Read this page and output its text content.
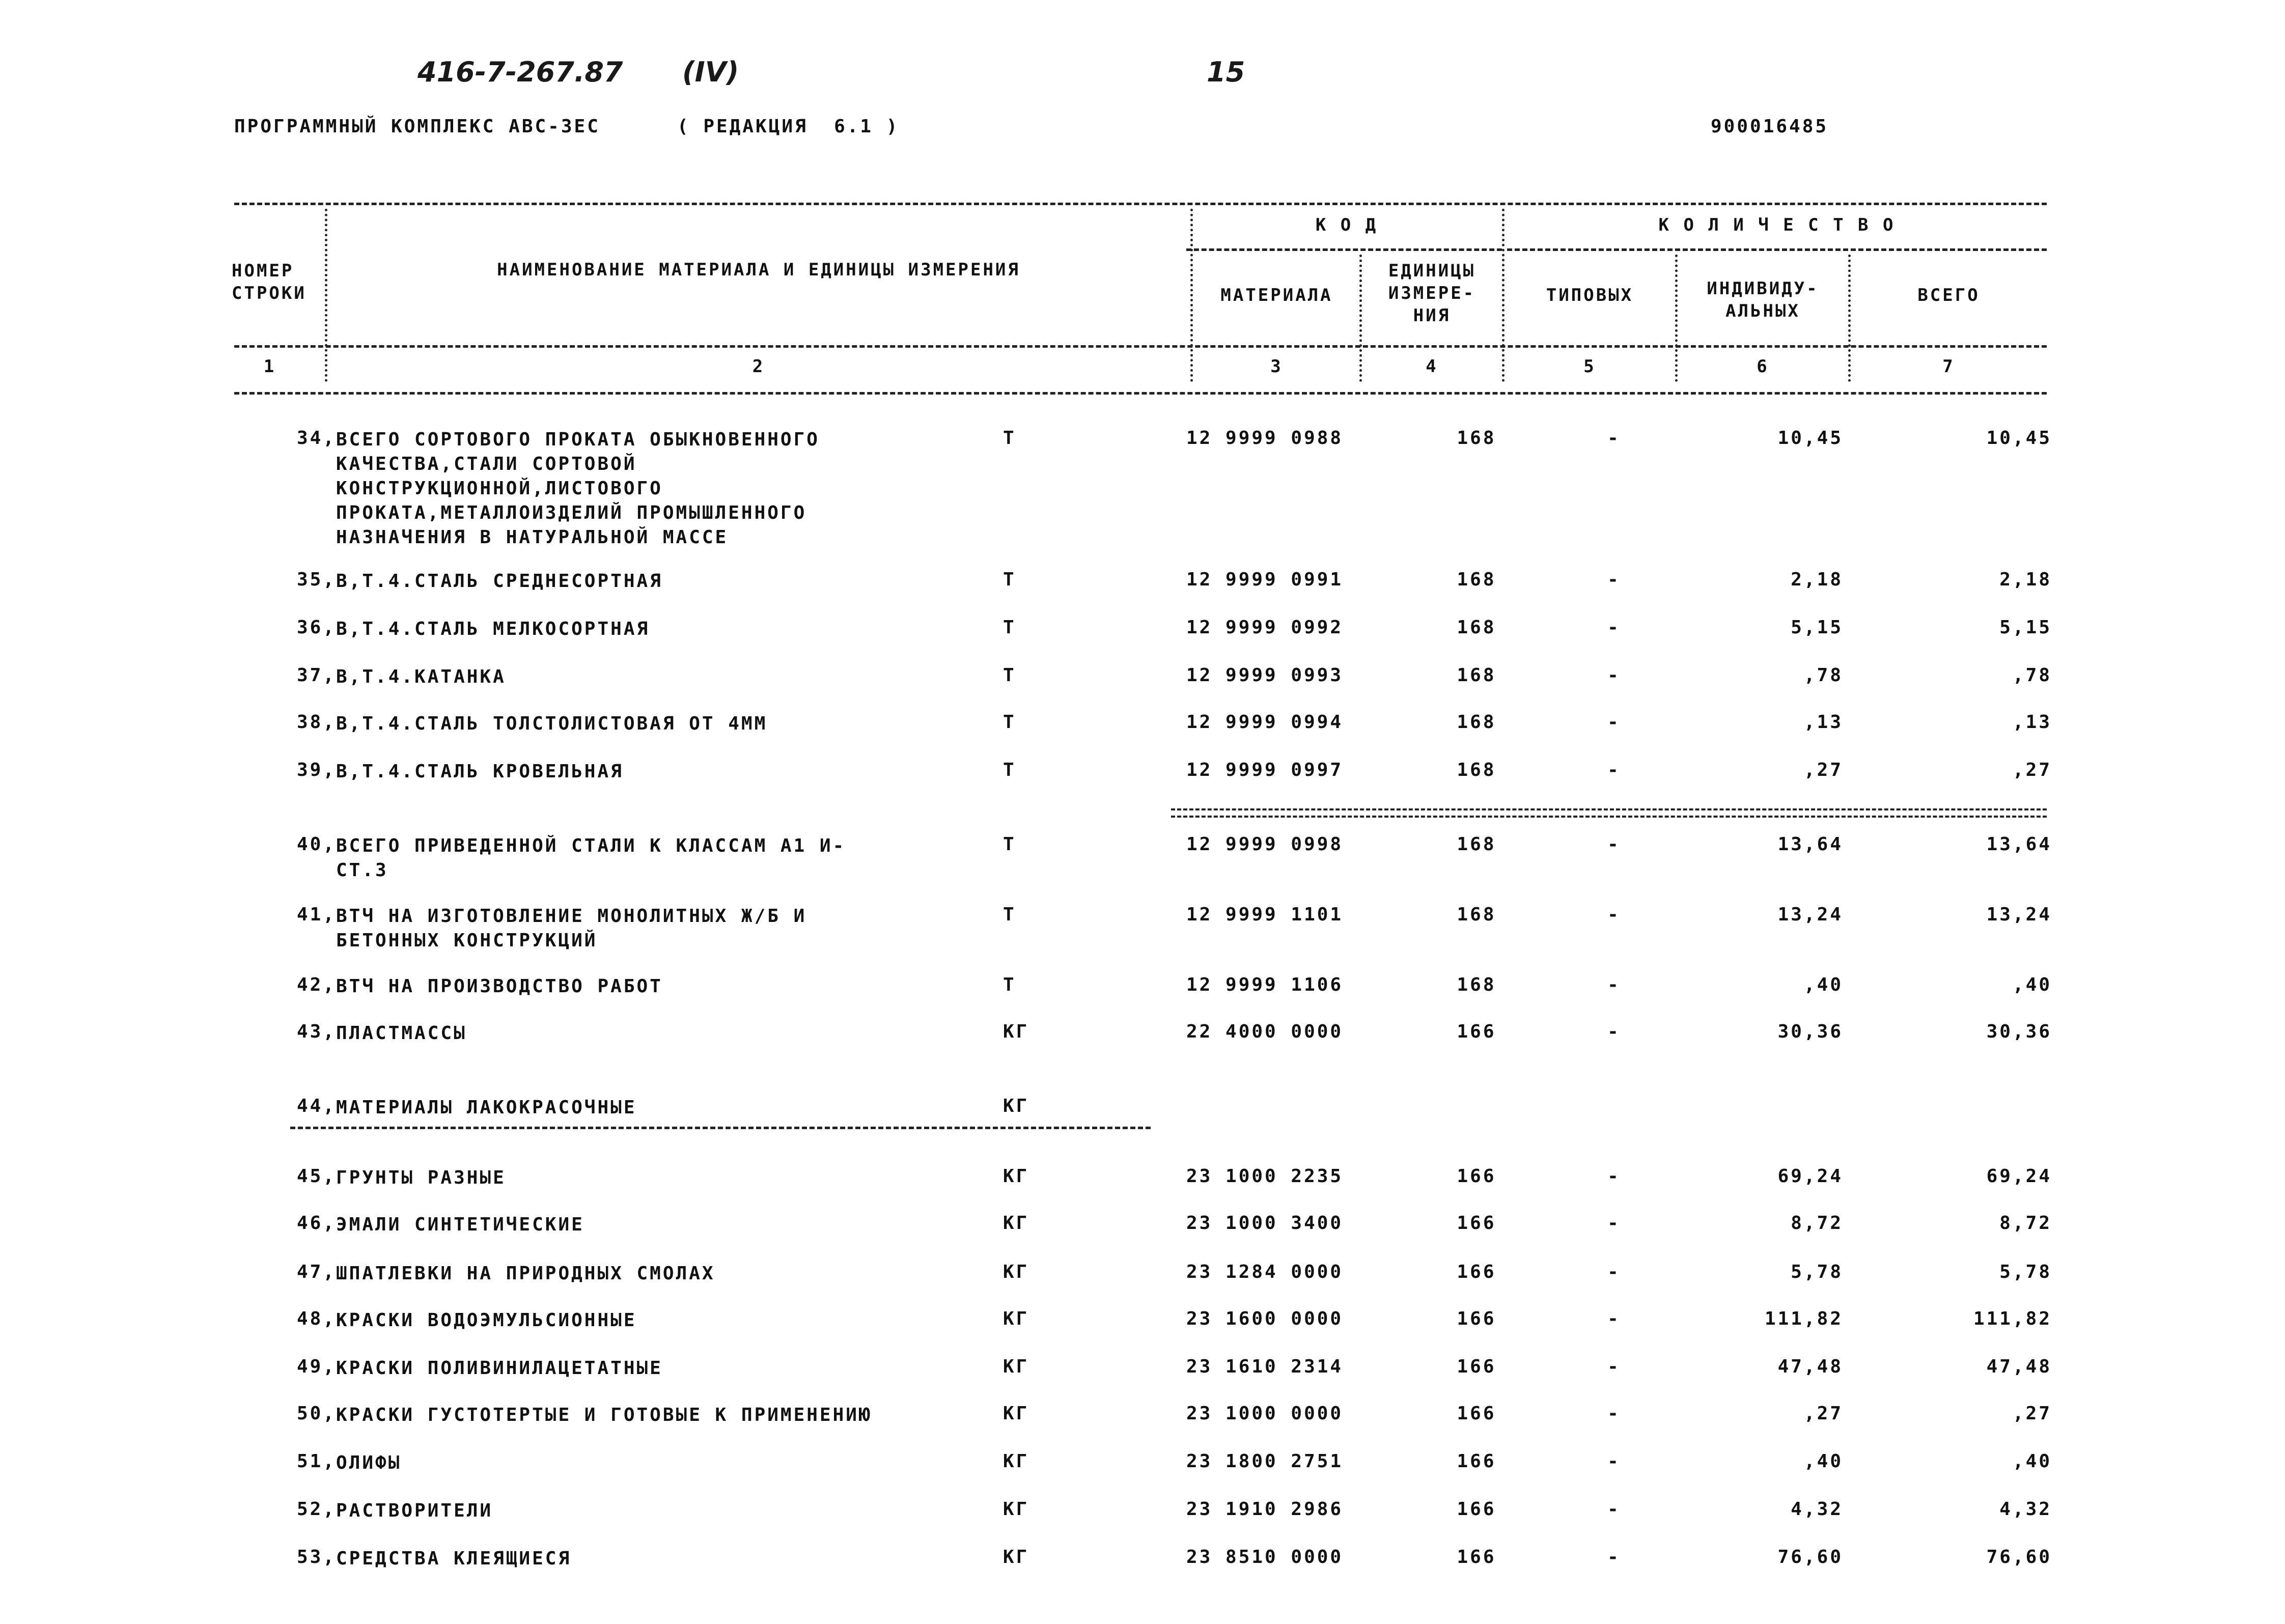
416-7-267.87 (IV)	15
ПРОГРАММНЫЙ КОМПЛЕКС АВС-3ЕС	( РЕДАКЦИЯ  6.1 )	900016485
НОМЕР
СТРОКИ
НАИМЕНОВАНИЕ МАТЕРИАЛА И ЕДИНИЦЫ ИЗМЕРЕНИЯ
К О Д	К О Л И Ч Е С Т В О
МАТЕРИАЛА
ЕДИНИЦЫ
ИЗМЕРЕ-
НИЯ
ТИПОВЫХ	ИНДИВИДУ-
АЛЬНЫХ
ВСЕГО
1	2	3	4	5	6	7
34, ВСЕГО СОРТОВОГО ПРОКАТА ОБЫКНОВЕННОГО
КАЧЕСТВА,СТАЛИ СОРТОВОЙ
КОНСТРУКЦИОННОЙ,ЛИСТОВОГО
ПРОКАТА,МЕТАЛЛОИЗДЕЛИЙ ПРОМЫШЛЕННОГО
НАЗНАЧЕНИЯ В НАТУРАЛЬНОЙ МАССЕ
Т	12 9999 0988	168	-	10,45	10,45
35, В,Т.4.СТАЛЬ СРЕДНЕСОРТНАЯ	Т	12 9999 0991	168	-	2,18	2,18
36, В,Т.4.СТАЛЬ МЕЛКОСОРТНАЯ	Т	12 9999 0992	168	-	5,15	5,15
37, В,Т.4.КАТАНКА	Т	12 9999 0993	168	-	,78	,78
38, В,Т.4.СТАЛЬ ТОЛСТОЛИСТОВАЯ ОТ 4ММ	Т	12 9999 0994	168	-	,13	,13
39, В,Т.4.СТАЛЬ КРОВЕЛЬНАЯ	Т	12 9999 0997	168	-	,27	,27
40, ВСЕГО ПРИВЕДЕННОЙ СТАЛИ К КЛАССАМ А1 И-
СТ.3
Т	12 9999 0998	168	-	13,64	13,64
41, ВТЧ НА ИЗГОТОВЛЕНИЕ МОНОЛИТНЫХ Ж/Б И
БЕТОННЫХ КОНСТРУКЦИЙ
Т	12 9999 1101	168	-	13,24	13,24
42, ВТЧ НА ПРОИЗВОДСТВО РАБОТ	Т	12 9999 1106	168	-	,40	,40
43, ПЛАСТМАССЫ	КГ	22 4000 0000	166	-	30,36	30,36
44, МАТЕРИАЛЫ ЛАКОКРАСОЧНЫЕ	КГ
45, ГРУНТЫ РАЗНЫЕ	КГ	23 1000 2235	166	-	69,24	69,24
46, ЭМАЛИ СИНТЕТИЧЕСКИЕ	КГ	23 1000 3400	166	-	8,72	8,72
47, ШПАТЛЕВКИ НА ПРИРОДНЫХ СМОЛАХ	КГ	23 1284 0000	166	-	5,78	5,78
48, КРАСКИ ВОДОЭМУЛЬСИОННЫЕ	КГ	23 1600 0000	166	-	111,82	111,82
49, КРАСКИ ПОЛИВИНИЛАЦЕТАТНЫЕ	КГ	23 1610 2314	166	-	47,48	47,48
50, КРАСКИ ГУСТОТЕРТЫЕ И ГОТОВЫЕ К ПРИМЕНЕНИЮ	КГ	23 1000 0000	166	-	,27	,27
51, ОЛИФЫ	КГ	23 1800 2751	166	-	,40	,40
52, РАСТВОРИТЕЛИ	КГ	23 1910 2986	166	-	4,32	4,32
53, СРЕДСТВА КЛЕЯЩИЕСЯ	КГ	23 8510 0000	166	-	76,60	76,60
